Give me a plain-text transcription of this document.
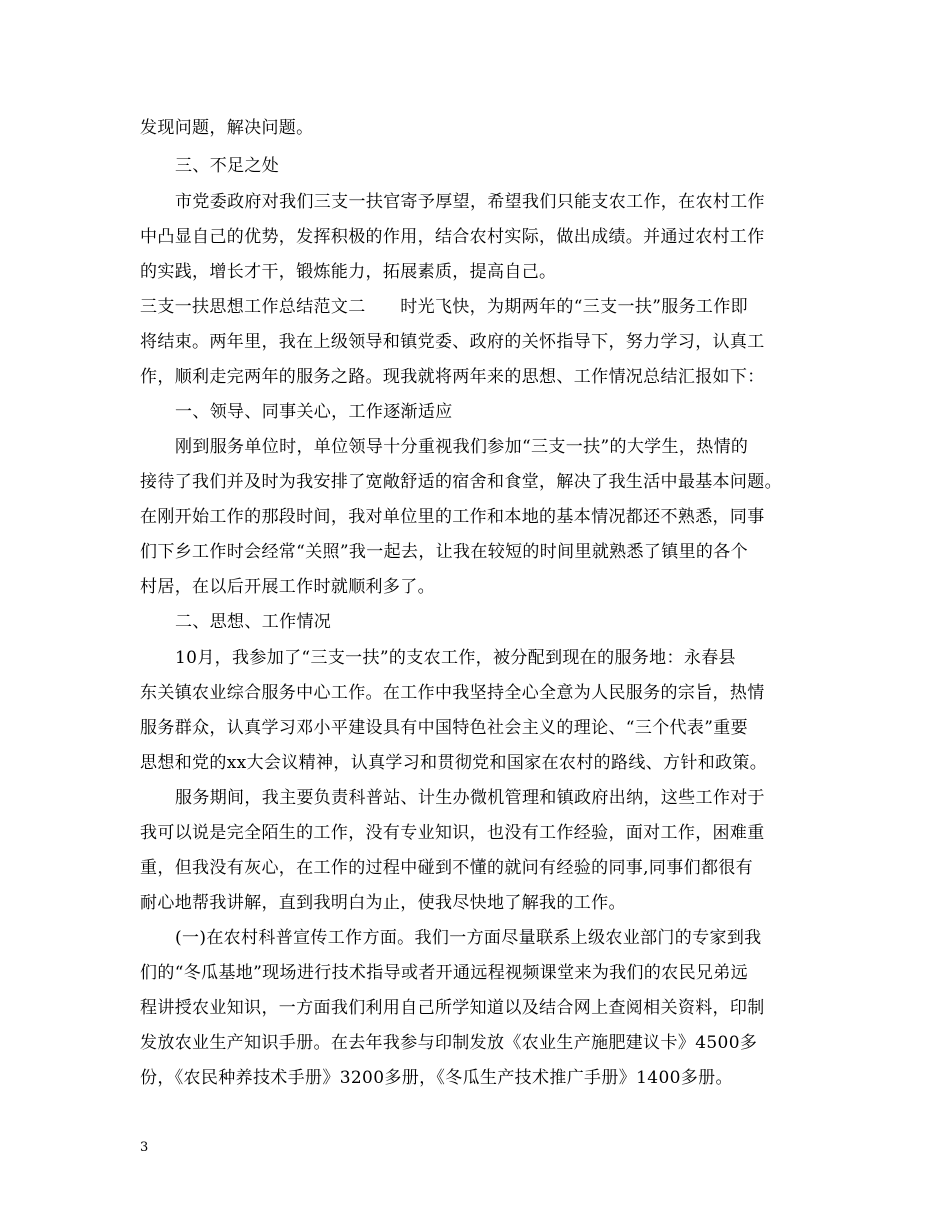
发现问题，解决问题。
三、不足之处
市党委政府对我们三支一扶官寄予厚望，希望我们只能支农工作，在农村工作
中凸显自己的优势，发挥积极的作用，结合农村实际，做出成绩。并通过农村工作
的实践，增长才干，锻炼能力，拓展素质，提高自己。
三支一扶思想工作总结范文二　　时光飞快，为期两年的“三支一扶”服务工作即
将结束。两年里，我在上级领导和镇党委、政府的关怀指导下，努力学习，认真工
作，顺利走完两年的服务之路。现我就将两年来的思想、工作情况总结汇报如下：
一、领导、同事关心，工作逐渐适应
刚到服务单位时，单位领导十分重视我们参加“三支一扶”的大学生，热情的
接待了我们并及时为我安排了宽敞舒适的宿舍和食堂，解决了我生活中最基本问题。
在刚开始工作的那段时间，我对单位里的工作和本地的基本情况都还不熟悉，同事
们下乡工作时会经常“关照”我一起去，让我在较短的时间里就熟悉了镇里的各个
村居，在以后开展工作时就顺利多了。
二、思想、工作情况
10月，我参加了“三支一扶”的支农工作，被分配到现在的服务地：永春县
东关镇农业综合服务中心工作。在工作中我坚持全心全意为人民服务的宗旨，热情
服务群众，认真学习邓小平建设具有中国特色社会主义的理论、“三个代表”重要
思想和党的xx大会议精神，认真学习和贯彻党和国家在农村的路线、方针和政策。
服务期间，我主要负责科普站、计生办微机管理和镇政府出纳，这些工作对于
我可以说是完全陌生的工作，没有专业知识，也没有工作经验，面对工作，困难重
重，但我没有灰心，在工作的过程中碰到不懂的就问有经验的同事,同事们都很有
耐心地帮我讲解，直到我明白为止，使我尽快地了解我的工作。
(一)在农村科普宣传工作方面。我们一方面尽量联系上级农业部门的专家到我
们的“冬瓜基地”现场进行技术指导或者开通远程视频课堂来为我们的农民兄弟远
程讲授农业知识，一方面我们利用自己所学知道以及结合网上查阅相关资料，印制
发放农业生产知识手册。在去年我参与印制发放《农业生产施肥建议卡》4500多
份，《农民种养技术手册》3200多册，《冬瓜生产技术推广手册》1400多册。
3
